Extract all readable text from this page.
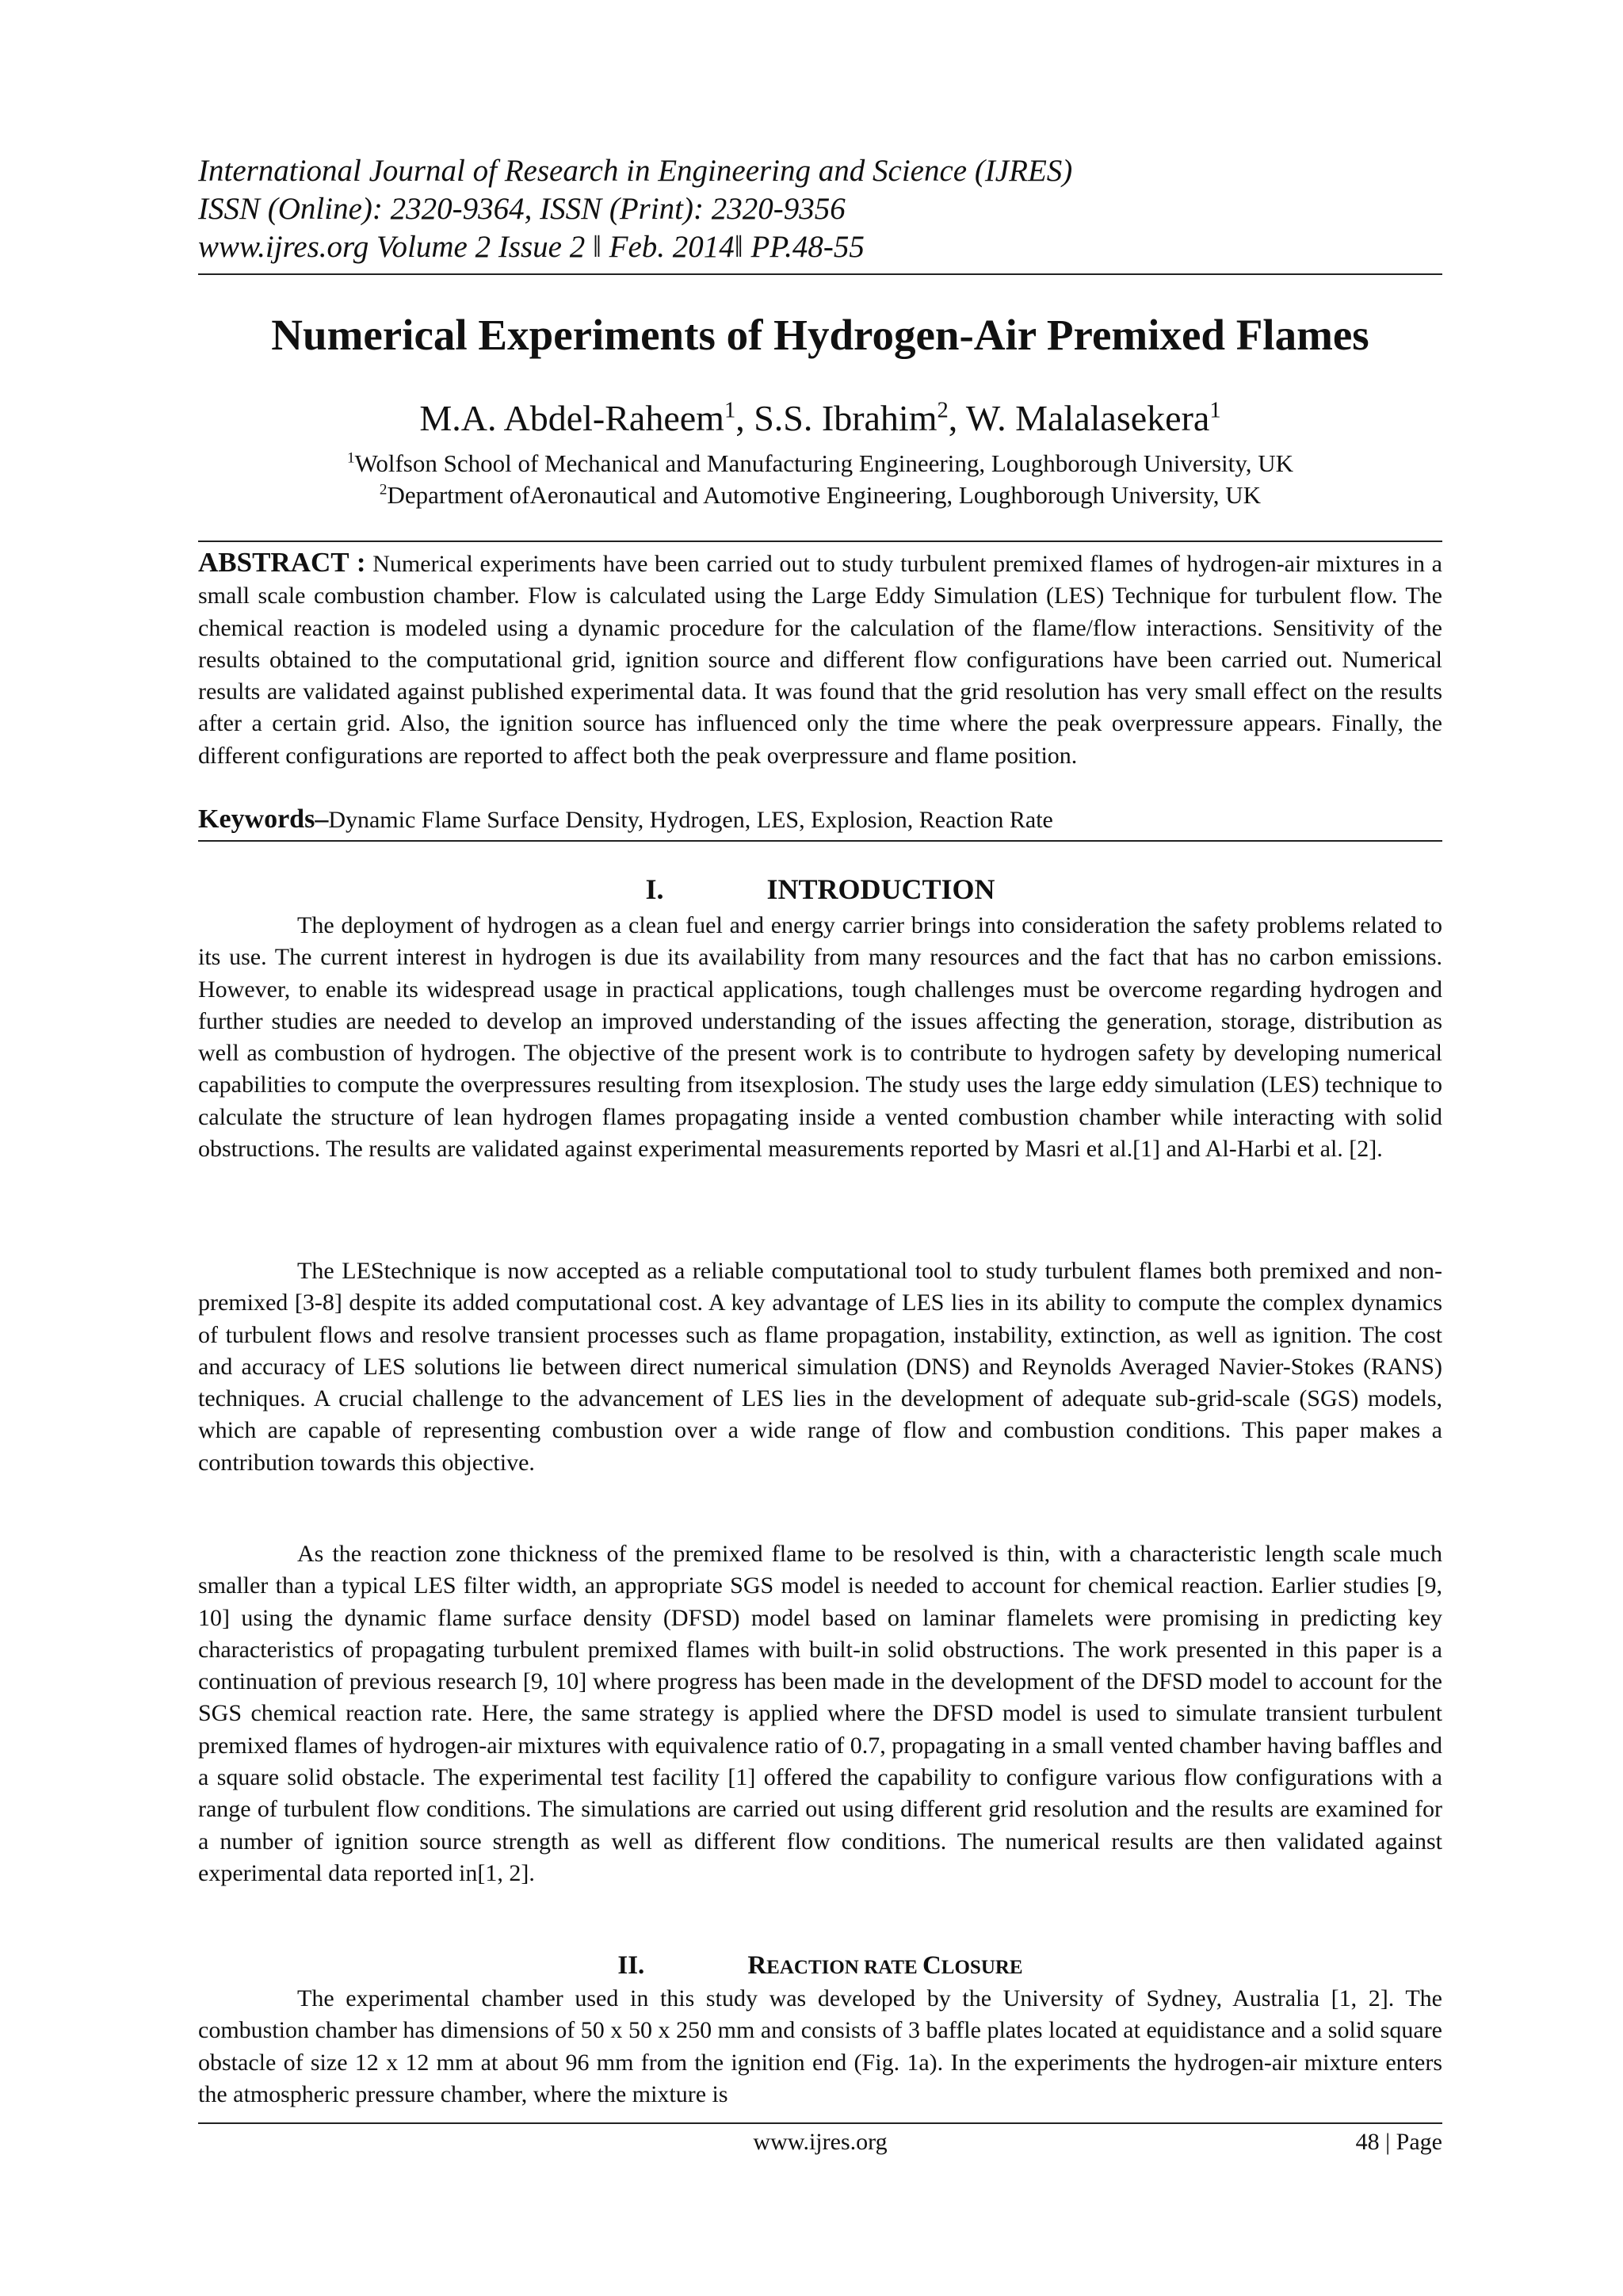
International Journal of Research in Engineering and Science (IJRES)
ISSN (Online): 2320-9364, ISSN (Print): 2320-9356
www.ijres.org Volume 2 Issue 2 ‖ Feb. 2014‖ PP.48-55
Numerical Experiments of Hydrogen-Air Premixed Flames
M.A. Abdel-Raheem$^1$, S.S. Ibrahim$^2$, W. Malalasekera$^1$
$^1$Wolfson School of Mechanical and Manufacturing Engineering, Loughborough University, UK
$^2$Department ofAeronautical and Automotive Engineering, Loughborough University, UK
ABSTRACT : Numerical experiments have been carried out to study turbulent premixed flames of hydrogen-air mixtures in a small scale combustion chamber. Flow is calculated using the Large Eddy Simulation (LES) Technique for turbulent flow. The chemical reaction is modeled using a dynamic procedure for the calculation of the flame/flow interactions. Sensitivity of the results obtained to the computational grid, ignition source and different flow configurations have been carried out. Numerical results are validated against published experimental data. It was found that the grid resolution has very small effect on the results after a certain grid. Also, the ignition source has influenced only the time where the peak overpressure appears. Finally, the different configurations are reported to affect both the peak overpressure and flame position.
Keywords–Dynamic Flame Surface Density, Hydrogen, LES, Explosion, Reaction Rate
I.	INTRODUCTION
The deployment of hydrogen as a clean fuel and energy carrier brings into consideration the safety problems related to its use. The current interest in hydrogen is due its availability from many resources and the fact that has no carbon emissions. However, to enable its widespread usage in practical applications, tough challenges must be overcome regarding hydrogen and further studies are needed to develop an improved understanding of the issues affecting the generation, storage, distribution as well as combustion of hydrogen. The objective of the present work is to contribute to hydrogen safety by developing numerical capabilities to compute the overpressures resulting from itsexplosion. The study uses the large eddy simulation (LES) technique to calculate the structure of lean hydrogen flames propagating inside a vented combustion chamber while interacting with solid obstructions. The results are validated against experimental measurements reported by Masri et al.[1] and Al-Harbi et al. [2].
The LEStechnique is now accepted as a reliable computational tool to study turbulent flames both premixed and non-premixed [3-8] despite its added computational cost. A key advantage of LES lies in its ability to compute the complex dynamics of turbulent flows and resolve transient processes such as flame propagation, instability, extinction, as well as ignition. The cost and accuracy of LES solutions lie between direct numerical simulation (DNS) and Reynolds Averaged Navier-Stokes (RANS) techniques. A crucial challenge to the advancement of LES lies in the development of adequate sub-grid-scale (SGS) models, which are capable of representing combustion over a wide range of flow and combustion conditions. This paper makes a contribution towards this objective.
As the reaction zone thickness of the premixed flame to be resolved is thin, with a characteristic length scale much smaller than a typical LES filter width, an appropriate SGS model is needed to account for chemical reaction. Earlier studies [9, 10] using the dynamic flame surface density (DFSD) model based on laminar flamelets were promising in predicting key characteristics of propagating turbulent premixed flames with built-in solid obstructions. The work presented in this paper is a continuation of previous research [9, 10] where progress has been made in the development of the DFSD model to account for the SGS chemical reaction rate. Here, the same strategy is applied where the DFSD model is used to simulate transient turbulent premixed flames of hydrogen-air mixtures with equivalence ratio of 0.7, propagating in a small vented chamber having baffles and a square solid obstacle. The experimental test facility [1] offered the capability to configure various flow configurations with a range of turbulent flow conditions. The simulations are carried out using different grid resolution and the results are examined for a number of ignition source strength as well as different flow conditions. The numerical results are then validated against experimental data reported in[1, 2].
II.	REACTION RATE CLOSURE
The experimental chamber used in this study was developed by the University of Sydney, Australia [1, 2]. The combustion chamber has dimensions of 50 x 50 x 250 mm and consists of 3 baffle plates located at equidistance and a solid square obstacle of size 12 x 12 mm at about 96 mm from the ignition end (Fig. 1a). In the experiments the hydrogen-air mixture enters the atmospheric pressure chamber, where the mixture is
www.ijres.org	48 | Page
